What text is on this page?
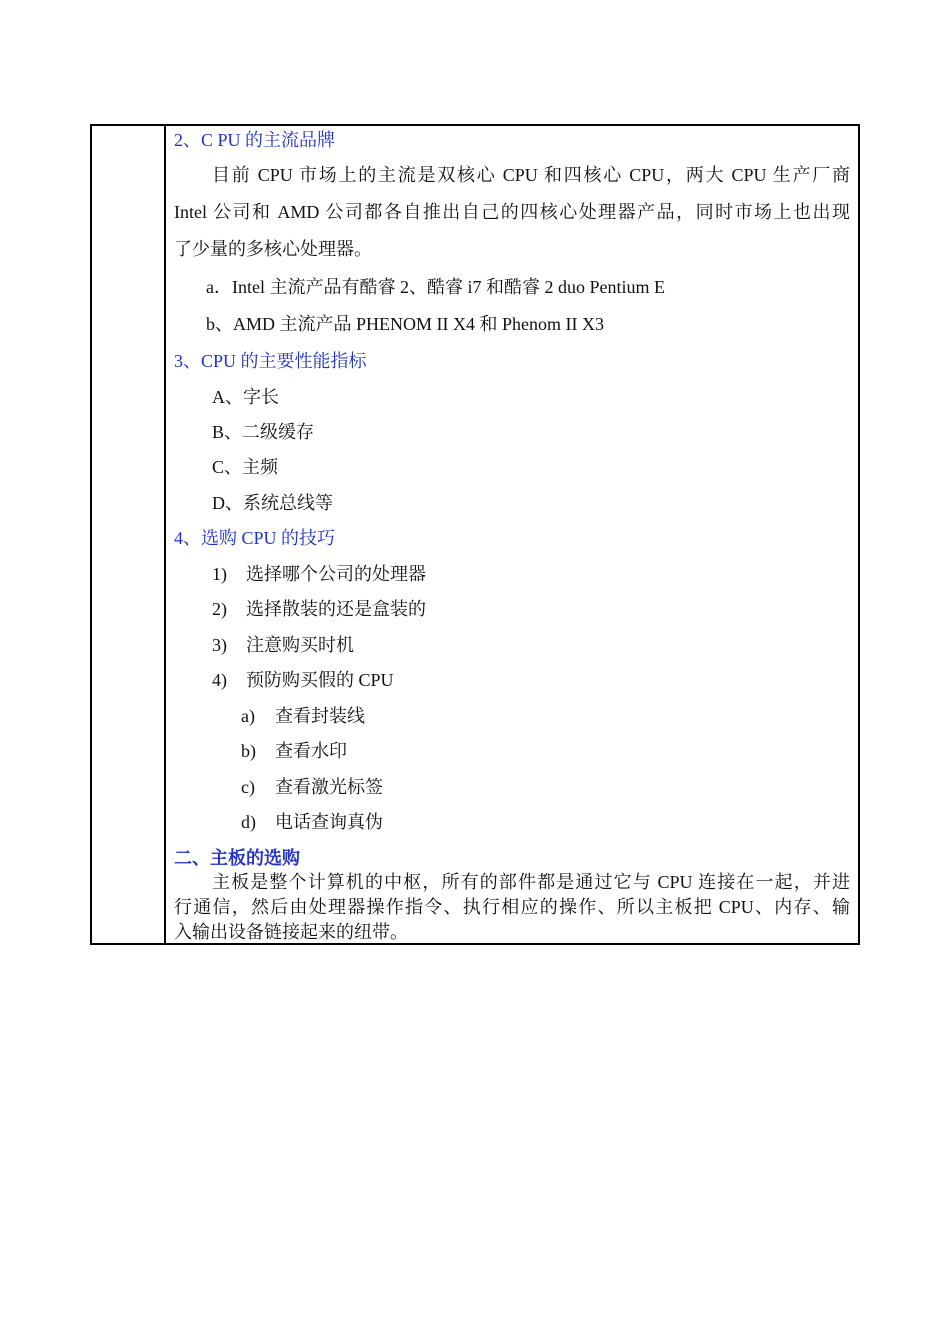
2、C PU 的主流品牌
目前 CPU 市场上的主流是双核心 CPU 和四核心 CPU，两大 CPU 生产厂商
Intel 公司和 AMD 公司都各自推出自己的四核心处理器产品，同时市场上也出现
了少量的多核心处理器。
a．Intel 主流产品有酷睿 2、酷睿 i7 和酷睿 2 duo Pentium E
b、AMD 主流产品 PHENOM II X4 和 Phenom II X3
3、CPU 的主要性能指标
A、字长
B、二级缓存
C、主频
D、系统总线等
4、选购 CPU 的技巧
1) 选择哪个公司的处理器
2) 选择散装的还是盒装的
3) 注意购买时机
4) 预防购买假的 CPU
a) 查看封装线
b) 查看水印
c) 查看激光标签
d) 电话查询真伪
二、主板的选购
主板是整个计算机的中枢，所有的部件都是通过它与 CPU 连接在一起，并进
行通信，然后由处理器操作指令、执行相应的操作、所以主板把 CPU、内存、输
入输出设备链接起来的纽带。
